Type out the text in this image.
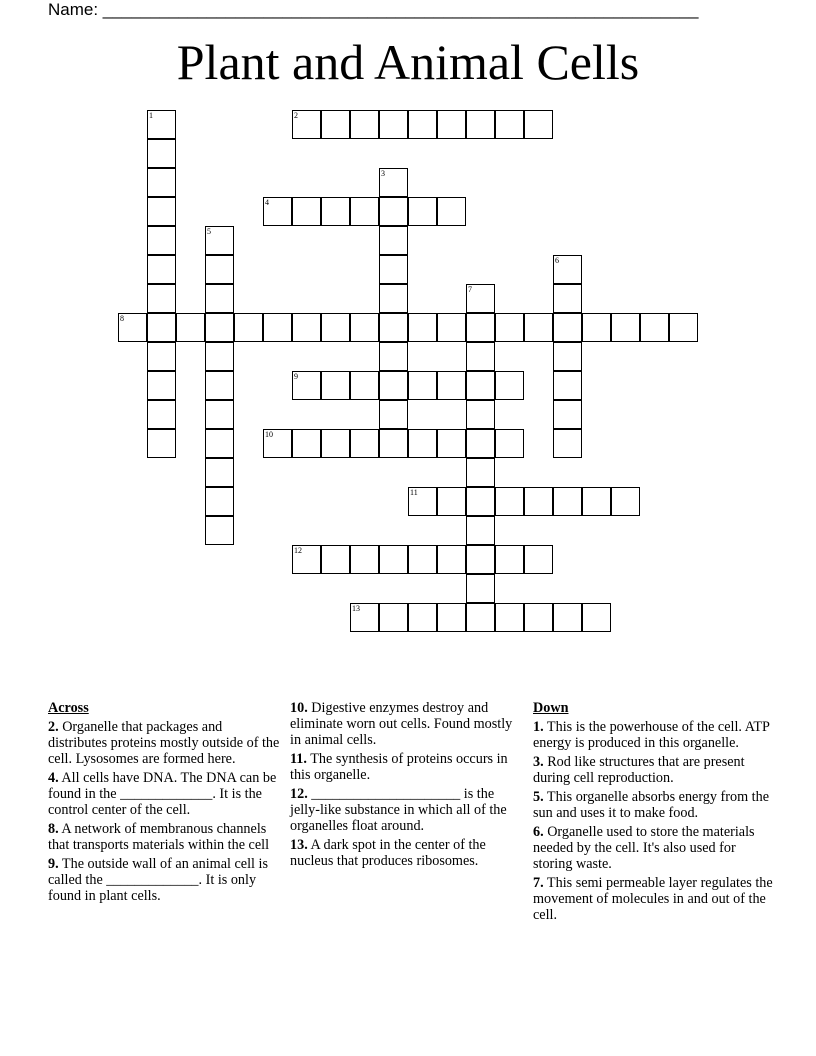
Name: _______________________________________________________________
Plant and Animal Cells
1	2
3
4
5
6
7
8
9
10
11
12
13
Across
2. Organelle that packages and distributes proteins mostly outside of the cell. Lysosomes are formed here.
4. All cells have DNA. The DNA can be found in the _____________. It is the control center of the cell.
8. A network of membranous channels that transports materials within the cell
9. The outside wall of an animal cell is called the _____________. It is only found in plant cells.
10. Digestive enzymes destroy and eliminate worn out cells. Found mostly in animal cells.
11. The synthesis of proteins occurs in this organelle.
12. _____________________ is the jelly-like substance in which all of the organelles float around.
13. A dark spot in the center of the nucleus that produces ribosomes.
Down
1. This is the powerhouse of the cell. ATP energy is produced in this organelle.
3. Rod like structures that are present during cell reproduction.
5. This organelle absorbs energy from the sun and uses it to make food.
6. Organelle used to store the materials needed by the cell. It's also used for storing waste.
7. This semi permeable layer regulates the movement of molecules in and out of the cell.
